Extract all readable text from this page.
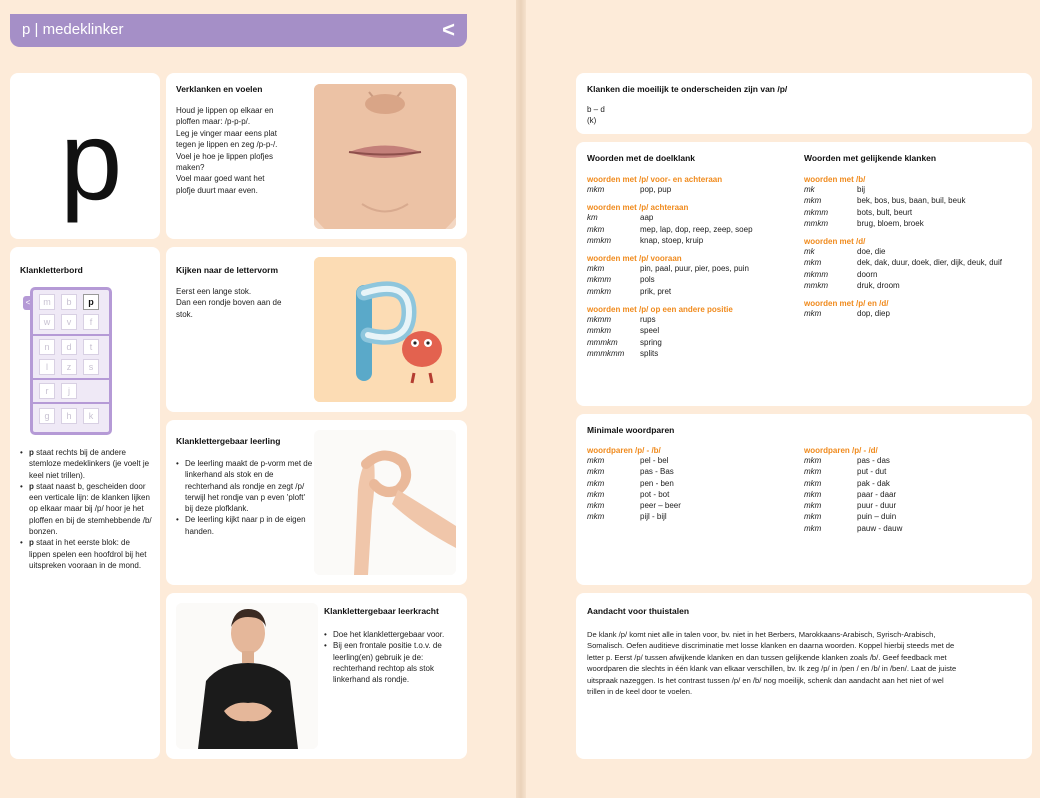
p | medeklinker	<
p
Verklanken en voelen
Houd je lippen op elkaar en
ploffen maar: /p-p-p/.
Leg je vinger maar eens plat
tegen je lippen en zeg /p-p-/.
Voel je hoe je lippen plofjes
maken?
Voel maar goed want het
plofje duurt maar even.
Klankletterbord
<	m	b	p
w	v	f
n	d	t
l	z	s
r	j
g	h	k
• p staat rechts bij de andere stemloze medeklinkers (je voelt je keel niet trillen).
• p staat naast b, gescheiden door een verticale lijn: de klanken lijken op elkaar maar bij /p/ hoor je het ploffen en bij de stemhebbende /b/ bonzen.
• p staat in het eerste blok: de lippen spelen een hoofdrol bij het uitspreken vooraan in de mond.
Kijken naar de lettervorm
Eerst een lange stok.
Dan een rondje boven aan de
stok.
Klanklettergebaar leerling
• De leerling maakt de p-vorm met de linkerhand als stok en de rechterhand als rondje en zegt /p/ terwijl het rondje van p even 'ploft' bij deze plofklank.
• De leerling kijkt naar p in de eigen handen.
Klanklettergebaar leerkracht
• Doe het klanklettergebaar voor.
• Bij een frontale positie t.o.v. de leerling(en) gebruik je de: rechterhand rechtop als stok linkerhand als rondje.
Klanken die moeilijk te onderscheiden zijn van /p/
b – d
(k)
Woorden met de doelklank
woorden met /p/ voor- en achteraan
mkm	pop, pup
woorden met /p/ achteraan
km	aap
mkm	mep, lap, dop, reep, zeep, soep
mmkm	knap, stoep, kruip
woorden met /p/ vooraan
mkm	pin, paal, puur, pier, poes, puin
mkmm	pols
mmkm	prik, pret
woorden met /p/ op een andere positie
mkmm	rups
mmkm	speel
mmmkm	spring
mmmkmm	splits
Woorden met gelijkende klanken
woorden met /b/
mk	bij
mkm	bek, bos, bus, baan, buil, beuk
mkmm	bots, bult, beurt
mmkm	brug, bloem, broek
woorden met /d/
mk	doe, die
mkm	dek, dak, duur, doek, dier, dijk, deuk, duif
mkmm	doorn
mmkm	druk, droom
woorden met /p/ en /d/
mkm	dop, diep
Minimale woordparen
woordparen /p/ - /b/
mkm	pel - bel
mkm	pas - Bas
mkm	pen - ben
mkm	pot - bot
mkm	peer – beer
mkm	pijl - bijl
woordparen /p/ - /d/
mkm	pas - das
mkm	put - dut
mkm	pak - dak
mkm	paar - daar
mkm	puur - duur
mkm	puin – duin
mkm	pauw - dauw
Aandacht voor thuistalen
De klank /p/ komt niet alle in talen voor, bv. niet in het Berbers, Marokkaans-Arabisch, Syrisch-Arabisch,
Somalisch. Oefen auditieve discriminatie met losse klanken en daarna woorden. Koppel hierbij steeds met de
letter p. Eerst /p/ tussen afwijkende klanken en dan tussen gelijkende klanken zoals /b/. Geef feedback met
woordparen die slechts in één klank van elkaar verschillen, bv. Ik zeg /p/ in /pen / en /b/ in /ben/. Laat de juiste
uitspraak nazeggen. Is het contrast tussen /p/ en /b/ nog moeilijk, schenk dan aandacht aan het niet of wel
trillen in de keel door te voelen.
